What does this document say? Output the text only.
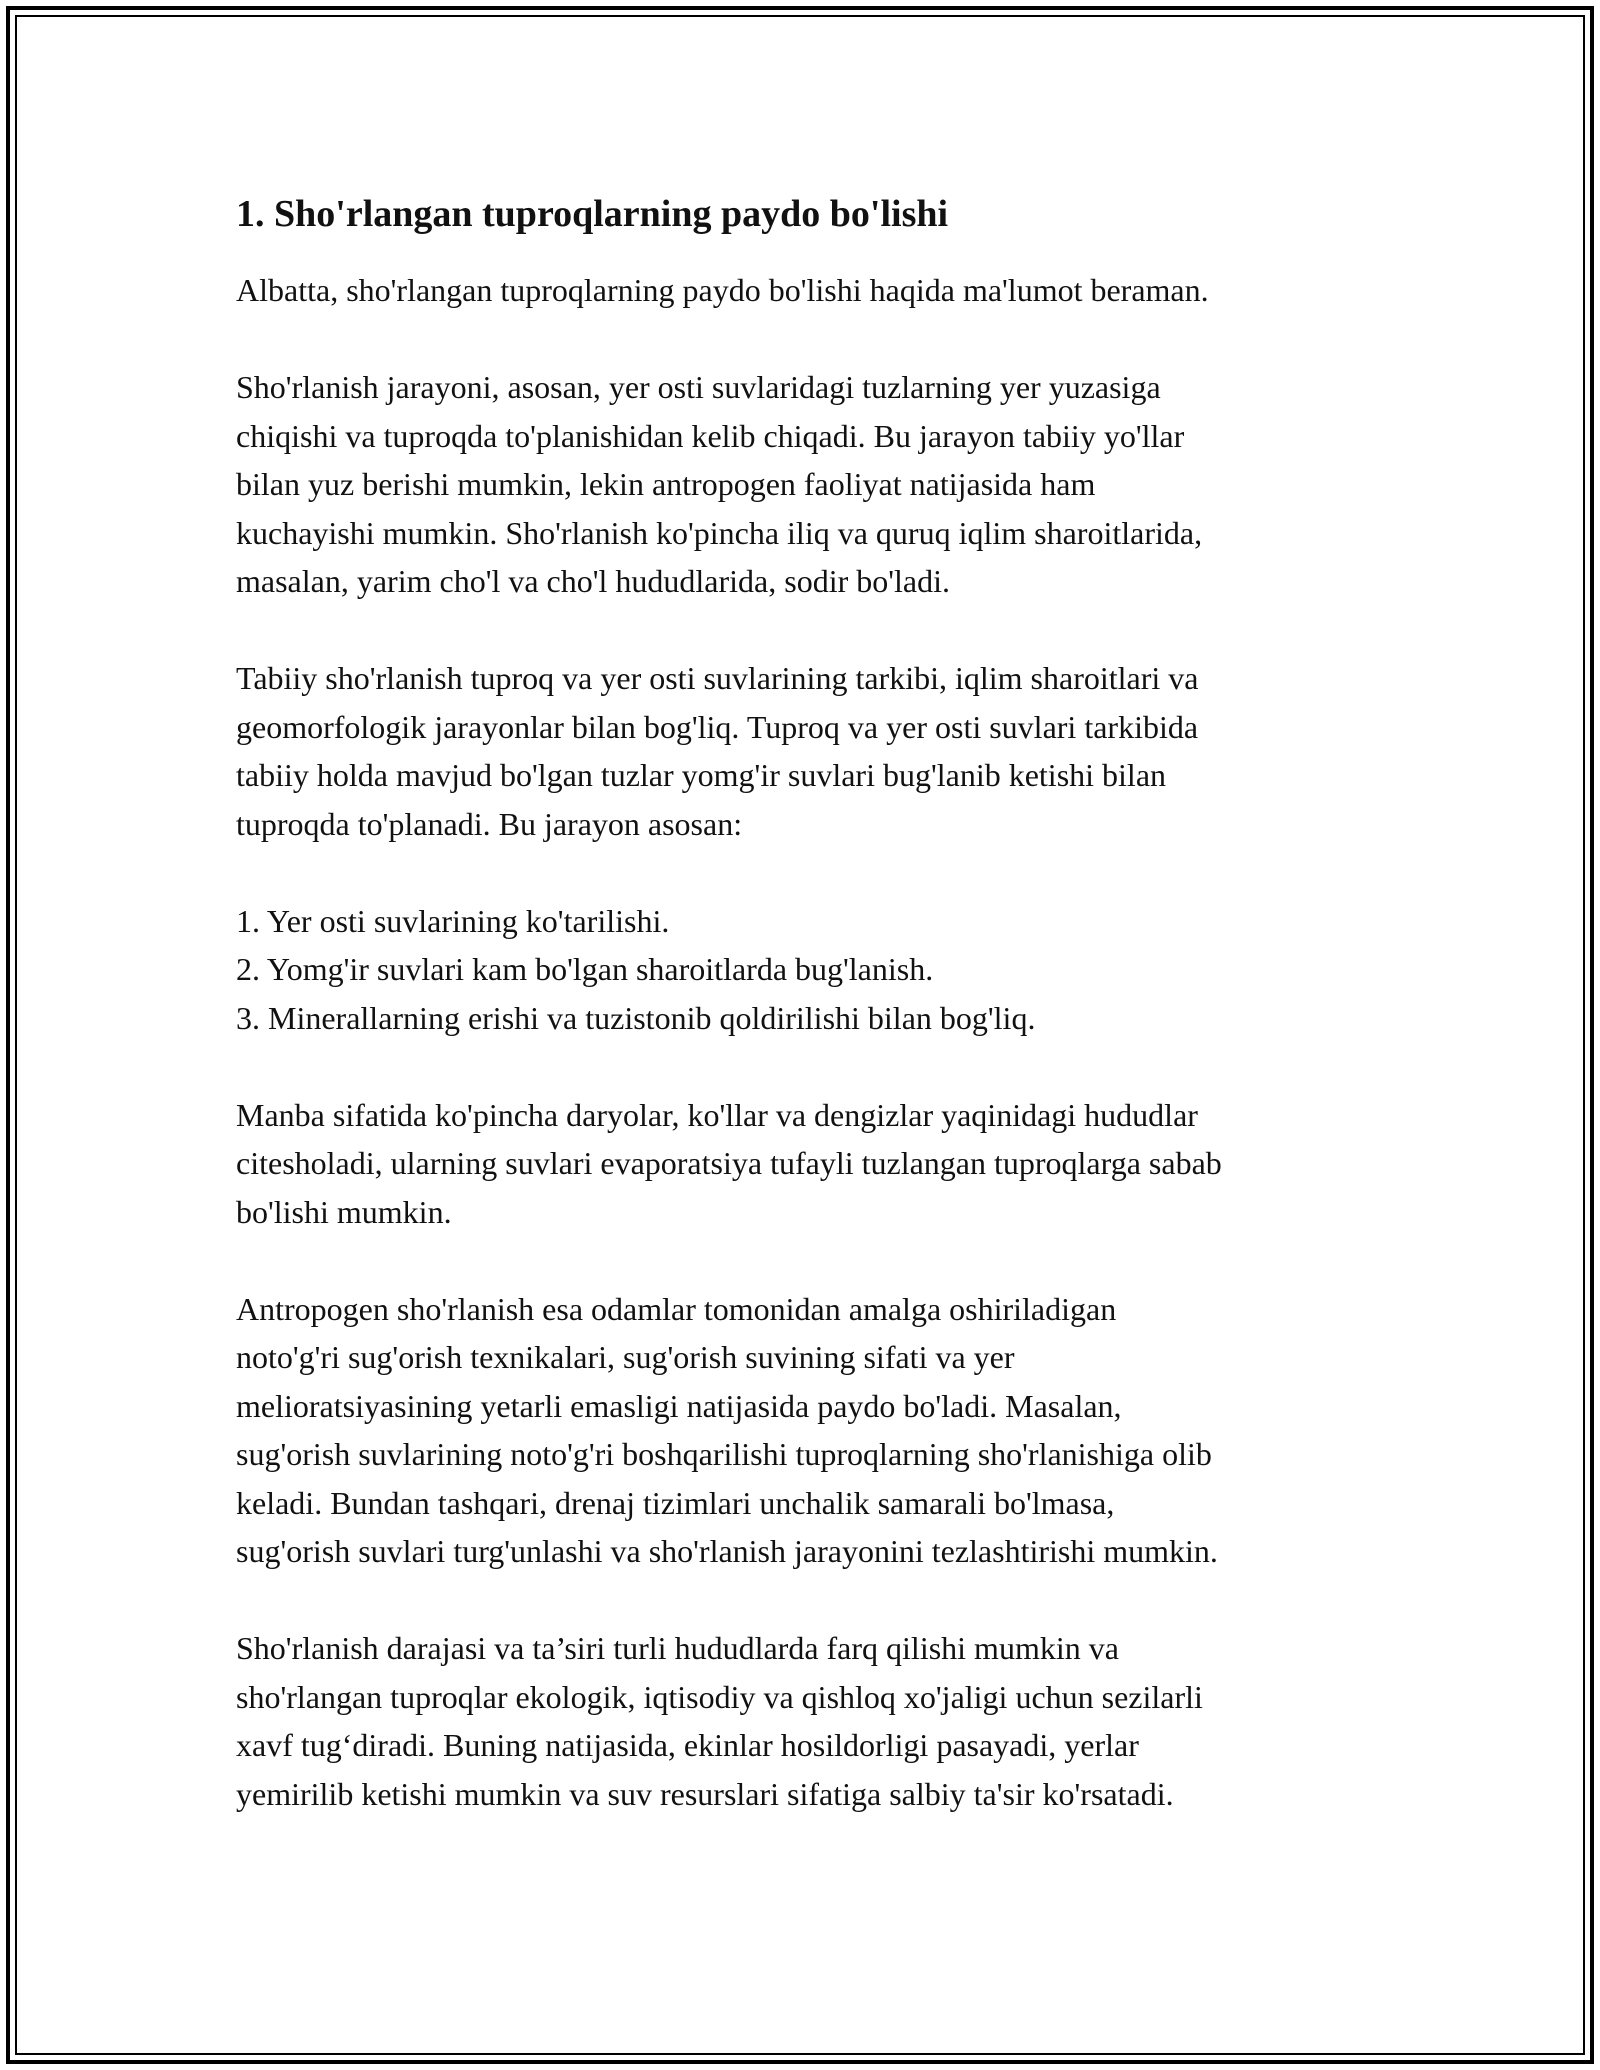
1. Sho'rlangan tuproqlarning paydo bo'lishi

Albatta, sho'rlangan tuproqlarning paydo bo'lishi haqida ma'lumot beraman.

Sho'rlanish jarayoni, asosan, yer osti suvlaridagi tuzlarning yer yuzasiga
chiqishi va tuproqda to'planishidan kelib chiqadi. Bu jarayon tabiiy yo'llar
bilan yuz berishi mumkin, lekin antropogen faoliyat natijasida ham
kuchayishi mumkin. Sho'rlanish ko'pincha iliq va quruq iqlim sharoitlarida,
masalan, yarim cho'l va cho'l hududlarida, sodir bo'ladi.

Tabiiy sho'rlanish tuproq va yer osti suvlarining tarkibi, iqlim sharoitlari va
geomorfologik jarayonlar bilan bog'liq. Tuproq va yer osti suvlari tarkibida
tabiiy holda mavjud bo'lgan tuzlar yomg'ir suvlari bug'lanib ketishi bilan
tuproqda to'planadi. Bu jarayon asosan:

1. Yer osti suvlarining ko'tarilishi.
2. Yomg'ir suvlari kam bo'lgan sharoitlarda bug'lanish.
3. Minerallarning erishi va tuzistonib qoldirilishi bilan bog'liq.

Manba sifatida ko'pincha daryolar, ko'llar va dengizlar yaqinidagi hududlar
citesholadi, ularning suvlari evaporatsiya tufayli tuzlangan tuproqlarga sabab
bo'lishi mumkin.

Antropogen sho'rlanish esa odamlar tomonidan amalga oshiriladigan
noto'g'ri sug'orish texnikalari, sug'orish suvining sifati va yer
melioratsiyasining yetarli emasligi natijasida paydo bo'ladi. Masalan,
sug'orish suvlarining noto'g'ri boshqarilishi tuproqlarning sho'rlanishiga olib
keladi. Bundan tashqari, drenaj tizimlari unchalik samarali bo'lmasa,
sug'orish suvlari turg'unlashi va sho'rlanish jarayonini tezlashtirishi mumkin.

Sho'rlanish darajasi va ta’siri turli hududlarda farq qilishi mumkin va
sho'rlangan tuproqlar ekologik, iqtisodiy va qishloq xo'jaligi uchun sezilarli
xavf tug‘diradi. Buning natijasida, ekinlar hosildorligi pasayadi, yerlar
yemirilib ketishi mumkin va suv resurslari sifatiga salbiy ta'sir ko'rsatadi.
